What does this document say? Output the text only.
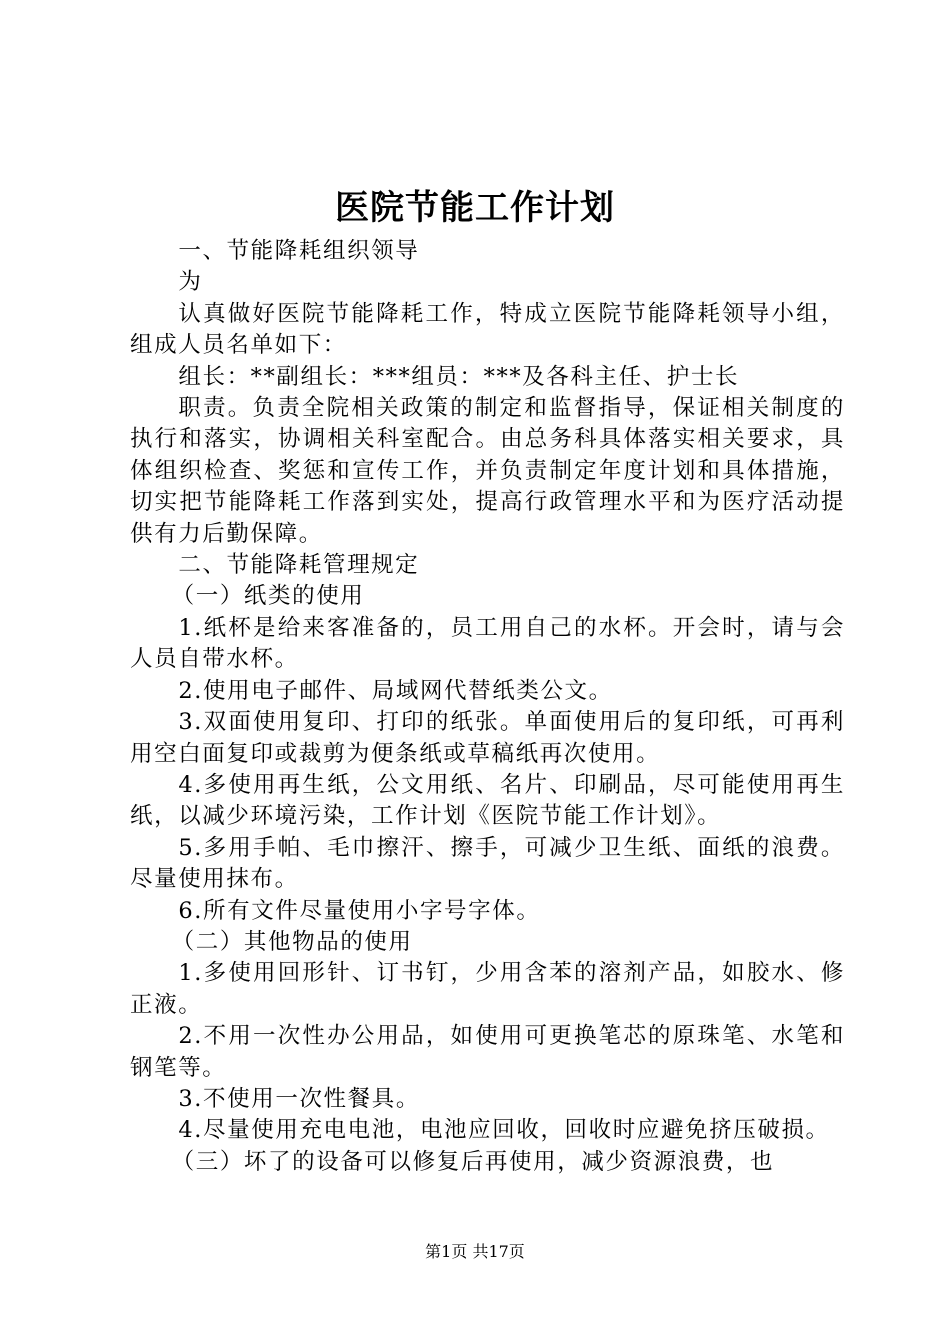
医院节能工作计划

一、节能降耗组织领导

为

认真做好医院节能降耗工作，特成立医院节能降耗领导小组，组成人员名单如下：

组长：**副组长：***组员：***及各科主任、护士长

职责。负责全院相关政策的制定和监督指导，保证相关制度的执行和落实，协调相关科室配合。由总务科具体落实相关要求，具体组织检查、奖惩和宣传工作，并负责制定年度计划和具体措施，切实把节能降耗工作落到实处，提高行政管理水平和为医疗活动提供有力后勤保障。

二、节能降耗管理规定

（一）纸类的使用

1.纸杯是给来客准备的，员工用自己的水杯。开会时，请与会人员自带水杯。

2.使用电子邮件、局域网代替纸类公文。

3.双面使用复印、打印的纸张。单面使用后的复印纸，可再利用空白面复印或裁剪为便条纸或草稿纸再次使用。

4.多使用再生纸，公文用纸、名片、印刷品，尽可能使用再生纸，以减少环境污染，工作计划《医院节能工作计划》。

5.多用手帕、毛巾擦汗、擦手，可减少卫生纸、面纸的浪费。尽量使用抹布。

6.所有文件尽量使用小字号字体。

（二）其他物品的使用

1.多使用回形针、订书钉，少用含苯的溶剂产品，如胶水、修正液。

2.不用一次性办公用品，如使用可更换笔芯的原珠笔、水笔和钢笔等。

3.不使用一次性餐具。

4.尽量使用充电电池，电池应回收，回收时应避免挤压破损。

（三）坏了的设备可以修复后再使用，减少资源浪费，也

第1页 共17页
